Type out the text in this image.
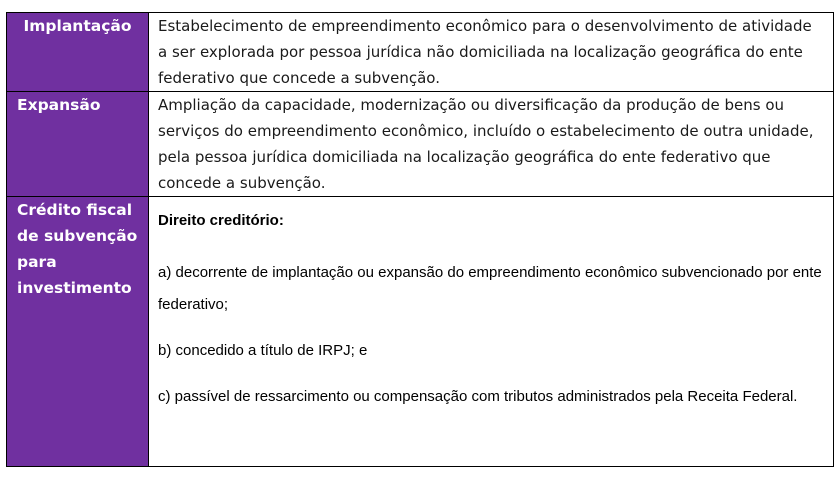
Implantação	Estabelecimento de empreendimento econômico para o desenvolvimento de atividade a ser explorada por pessoa jurídica não domiciliada na localização geográfica do ente federativo que concede a subvenção.
Expansão	Ampliação da capacidade, modernização ou diversificação da produção de bens ou serviços do empreendimento econômico, incluído o estabelecimento de outra unidade, pela pessoa jurídica domiciliada na localização geográfica do ente federativo que concede a subvenção.
Crédito fiscal de subvenção para investimento	Direito creditório:
a) decorrente de implantação ou expansão do empreendimento econômico subvencionado por ente federativo;
b) concedido a título de IRPJ; e
c) passível de ressarcimento ou compensação com tributos administrados pela Receita Federal.
